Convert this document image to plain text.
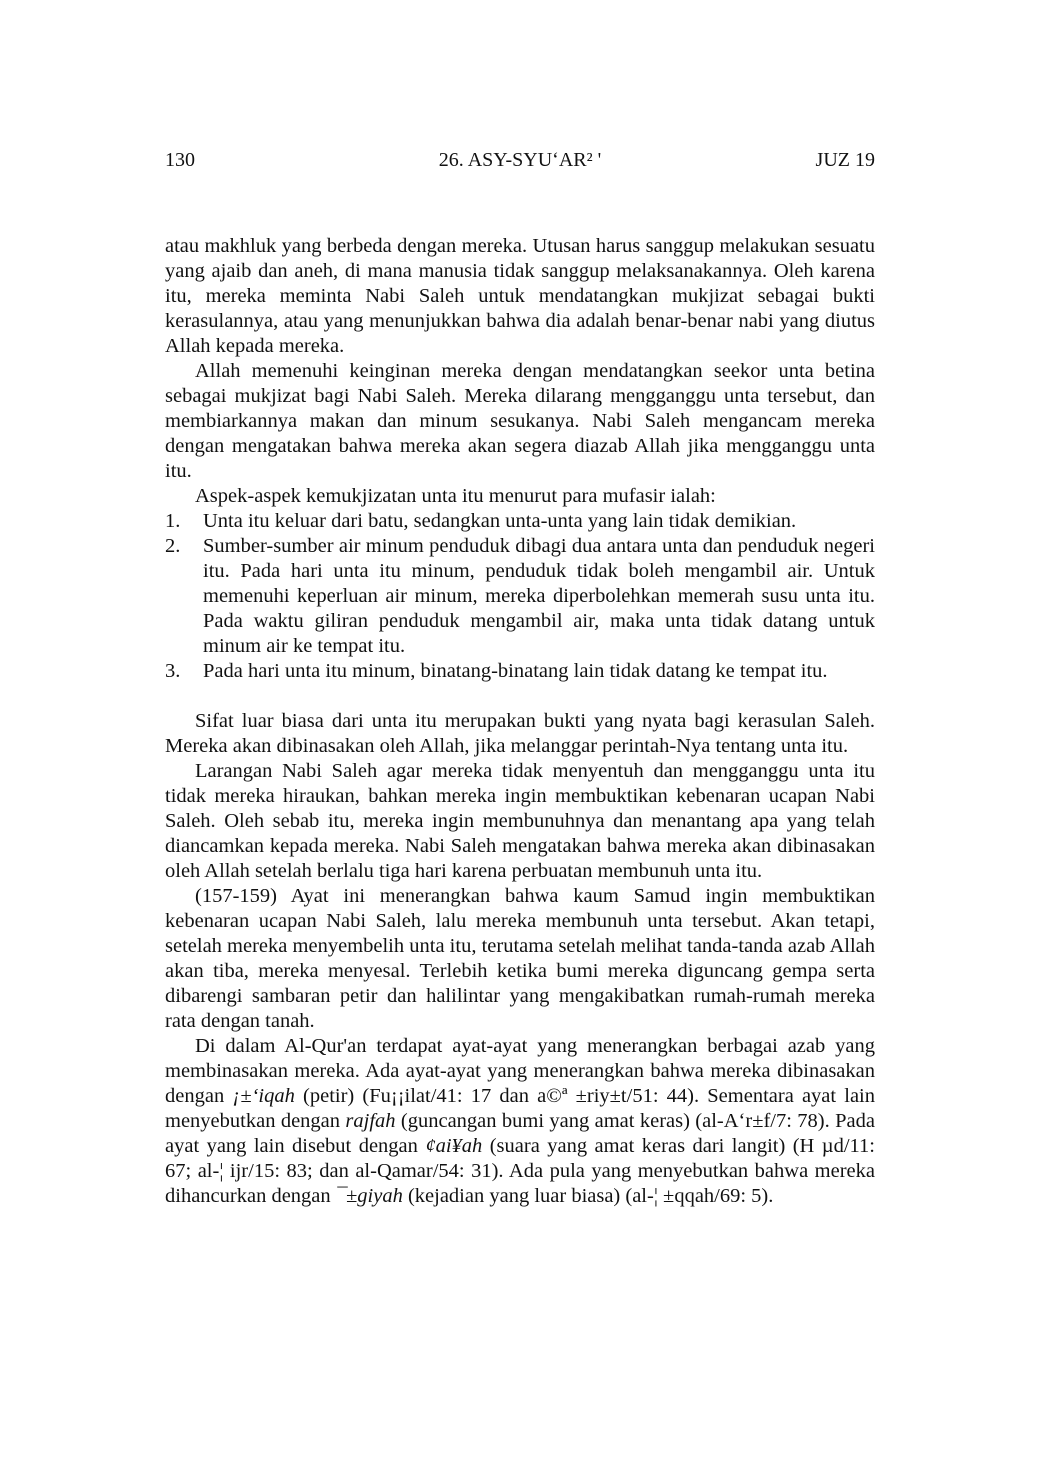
130	26. ASY-SYU‘AR² '	JUZ 19

atau makhluk yang berbeda dengan mereka. Utusan harus sanggup melakukan sesuatu yang ajaib dan aneh, di mana manusia tidak sanggup melaksanakannya. Oleh karena itu, mereka meminta Nabi Saleh untuk mendatangkan mukjizat sebagai bukti kerasulannya, atau yang menunjukkan bahwa dia adalah benar-benar nabi yang diutus Allah kepada mereka.

Allah memenuhi keinginan mereka dengan mendatangkan seekor unta betina sebagai mukjizat bagi Nabi Saleh. Mereka dilarang mengganggu unta tersebut, dan membiarkannya makan dan minum sesukanya. Nabi Saleh mengancam mereka dengan mengatakan bahwa mereka akan segera diazab Allah jika mengganggu unta itu.

Aspek-aspek kemukjizatan unta itu menurut para mufasir ialah:

1. Unta itu keluar dari batu, sedangkan unta-unta yang lain tidak demikian.
2. Sumber-sumber air minum penduduk dibagi dua antara unta dan penduduk negeri itu. Pada hari unta itu minum, penduduk tidak boleh mengambil air. Untuk memenuhi keperluan air minum, mereka diperbolehkan memerah susu unta itu. Pada waktu giliran penduduk mengambil air, maka unta tidak datang untuk minum air ke tempat itu.
3. Pada hari unta itu minum, binatang-binatang lain tidak datang ke tempat itu.

Sifat luar biasa dari unta itu merupakan bukti yang nyata bagi kerasulan Saleh. Mereka akan dibinasakan oleh Allah, jika melanggar perintah-Nya tentang unta itu.

Larangan Nabi Saleh agar mereka tidak menyentuh dan mengganggu unta itu tidak mereka hiraukan, bahkan mereka ingin membuktikan kebenaran ucapan Nabi Saleh. Oleh sebab itu, mereka ingin membunuhnya dan menantang apa yang telah diancamkan kepada mereka. Nabi Saleh mengatakan bahwa mereka akan dibinasakan oleh Allah setelah berlalu tiga hari karena perbuatan membunuh unta itu.

(157-159) Ayat ini menerangkan bahwa kaum Samud ingin membuktikan kebenaran ucapan Nabi Saleh, lalu mereka membunuh unta tersebut. Akan tetapi, setelah mereka menyembelih unta itu, terutama setelah melihat tanda-tanda azab Allah akan tiba, mereka menyesal. Terlebih ketika bumi mereka diguncang gempa serta dibarengi sambaran petir dan halilintar yang mengakibatkan rumah-rumah mereka rata dengan tanah.

Di dalam Al-Qur'an terdapat ayat-ayat yang menerangkan berbagai azab yang membinasakan mereka. Ada ayat-ayat yang menerangkan bahwa mereka dibinasakan dengan ¡±‘iqah (petir) (Fu¡¡ilat/41: 17 dan a©ª ±riy±t/51: 44). Sementara ayat lain menyebutkan dengan rajfah (guncangan bumi yang amat keras) (al-A‘r±f/7: 78). Pada ayat yang lain disebut dengan ¢ai¥ah (suara yang amat keras dari langit) (H µd/11: 67; al-¦ ijr/15: 83; dan al-Qamar/54: 31). Ada pula yang menyebutkan bahwa mereka dihancurkan dengan ¯±giyah (kejadian yang luar biasa) (al-¦ ±qqah/69: 5).
